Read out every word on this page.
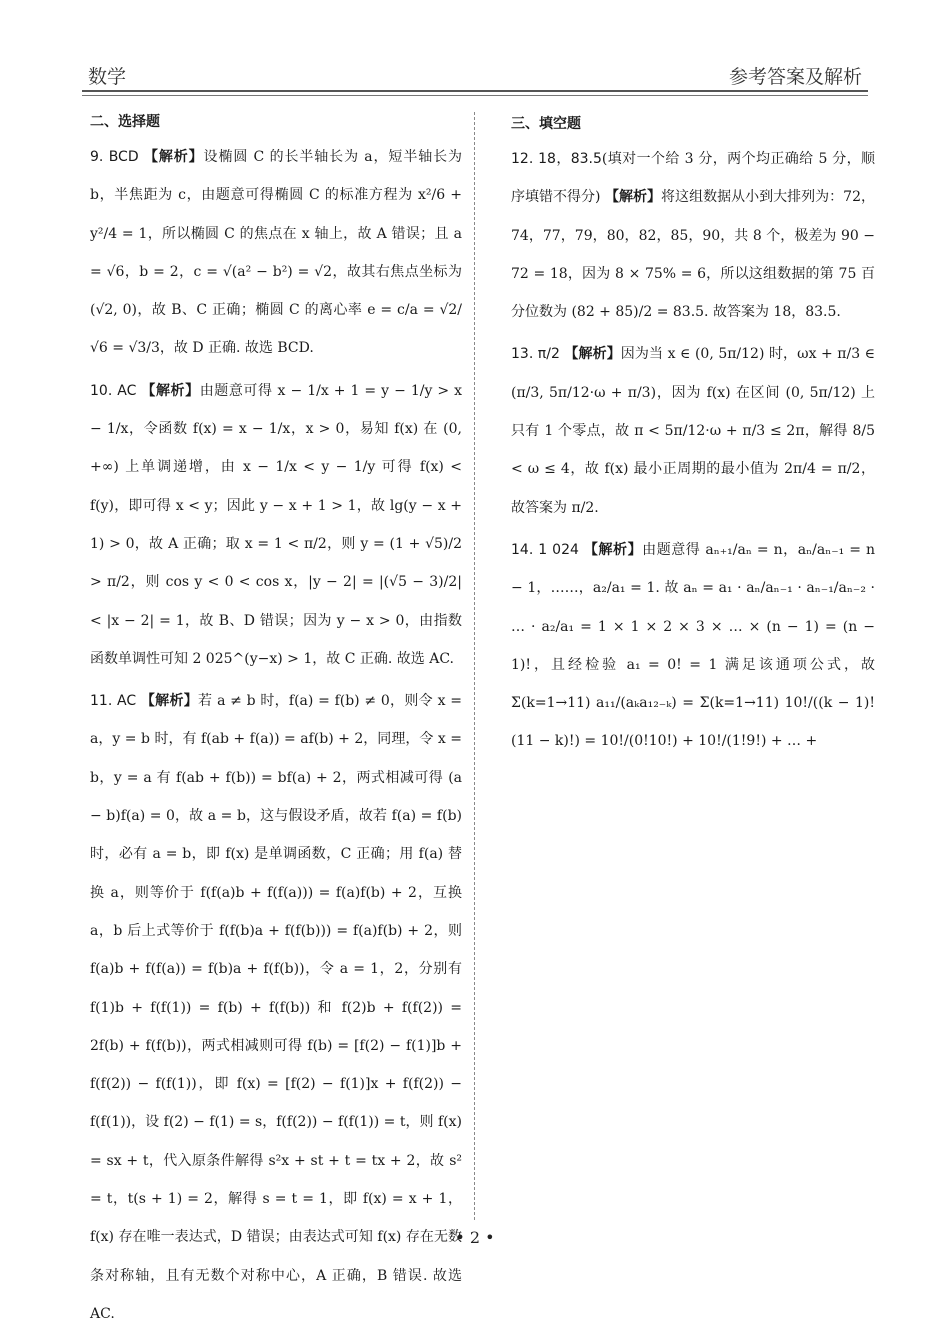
数学	参考答案及解析
二、选择题

9. BCD 【解析】设椭圆 C 的长半轴长为 a，短半轴长为 b，半焦距为 c，由题意可得椭圆 C 的标准方程为 x²/6 + y²/4 = 1，所以椭圆 C 的焦点在 x 轴上，故 A 错误；且 a = √6，b = 2，c = √(a² − b²) = √2，故其右焦点坐标为 (√2, 0)，故 B、C 正确；椭圆 C 的离心率 e = c/a = √2/√6 = √3/3，故 D 正确. 故选 BCD.

10. AC 【解析】由题意可得 x − 1/x + 1 = y − 1/y > x − 1/x，令函数 f(x) = x − 1/x，x > 0，易知 f(x) 在 (0, +∞) 上单调递增，由 x − 1/x < y − 1/y 可得 f(x) < f(y)，即可得 x < y；因此 y − x + 1 > 1，故 lg(y − x + 1) > 0，故 A 正确；取 x = 1 < π/2，则 y = (1 + √5)/2 > π/2，则 cos y < 0 < cos x，|y − 2| = |(√5 − 3)/2| < |x − 2| = 1，故 B、D 错误；因为 y − x > 0，由指数函数单调性可知 2 025^(y−x) > 1，故 C 正确. 故选 AC.

11. AC 【解析】若 a ≠ b 时，f(a) = f(b) ≠ 0，则令 x = a，y = b 时，有 f(ab + f(a)) = af(b) + 2，同理，令 x = b，y = a 有 f(ab + f(b)) = bf(a) + 2，两式相减可得 (a − b)f(a) = 0，故 a = b，这与假设矛盾，故若 f(a) = f(b) 时，必有 a = b，即 f(x) 是单调函数，C 正确；用 f(a) 替换 a，则等价于 f(f(a)b + f(f(a))) = f(a)f(b) + 2，互换 a，b 后上式等价于 f(f(b)a + f(f(b))) = f(a)f(b) + 2，则 f(a)b + f(f(a)) = f(b)a + f(f(b))，令 a = 1，2，分别有 f(1)b + f(f(1)) = f(b) + f(f(b)) 和 f(2)b + f(f(2)) = 2f(b) + f(f(b))，两式相减则可得 f(b) = [f(2) − f(1)]b + f(f(2)) − f(f(1))，即 f(x) = [f(2) − f(1)]x + f(f(2)) − f(f(1))，设 f(2) − f(1) = s，f(f(2)) − f(f(1)) = t，则 f(x) = sx + t，代入原条件解得 s²x + st + t = tx + 2，故 s² = t，t(s + 1) = 2，解得 s = t = 1，即 f(x) = x + 1，f(x) 存在唯一表达式，D 错误；由表达式可知 f(x) 存在无数条对称轴，且有无数个对称中心，A 正确，B 错误. 故选 AC.

三、填空题

12. 18，83.5(填对一个给 3 分，两个均正确给 5 分，顺序填错不得分) 【解析】将这组数据从小到大排列为：72，74，77，79，80，82，85，90，共 8 个，极差为 90 − 72 = 18，因为 8 × 75% = 6，所以这组数据的第 75 百分位数为 (82 + 85)/2 = 83.5. 故答案为 18，83.5.

13. π/2 【解析】因为当 x ∈ (0, 5π/12) 时，ωx + π/3 ∈ (π/3, 5π/12·ω + π/3)，因为 f(x) 在区间 (0, 5π/12) 上只有 1 个零点，故 π < 5π/12·ω + π/3 ≤ 2π，解得 8/5 < ω ≤ 4，故 f(x) 最小正周期的最小值为 2π/4 = π/2，故答案为 π/2.

14. 1 024 【解析】由题意得 aₙ₊₁/aₙ = n，aₙ/aₙ₋₁ = n − 1，……，a₂/a₁ = 1. 故 aₙ = a₁ · aₙ/aₙ₋₁ · aₙ₋₁/aₙ₋₂ · … · a₂/a₁ = 1 × 1 × 2 × 3 × … × (n − 1) = (n − 1)!，且经检验 a₁ = 0! = 1 满足该通项公式，故 Σ(k=1→11) a₁₁/(aₖa₁₂₋ₖ) = Σ(k=1→11) 10!/((k − 1)!(11 − k)!) = 10!/(0!10!) + 10!/(1!9!) + … +

• 2 •
